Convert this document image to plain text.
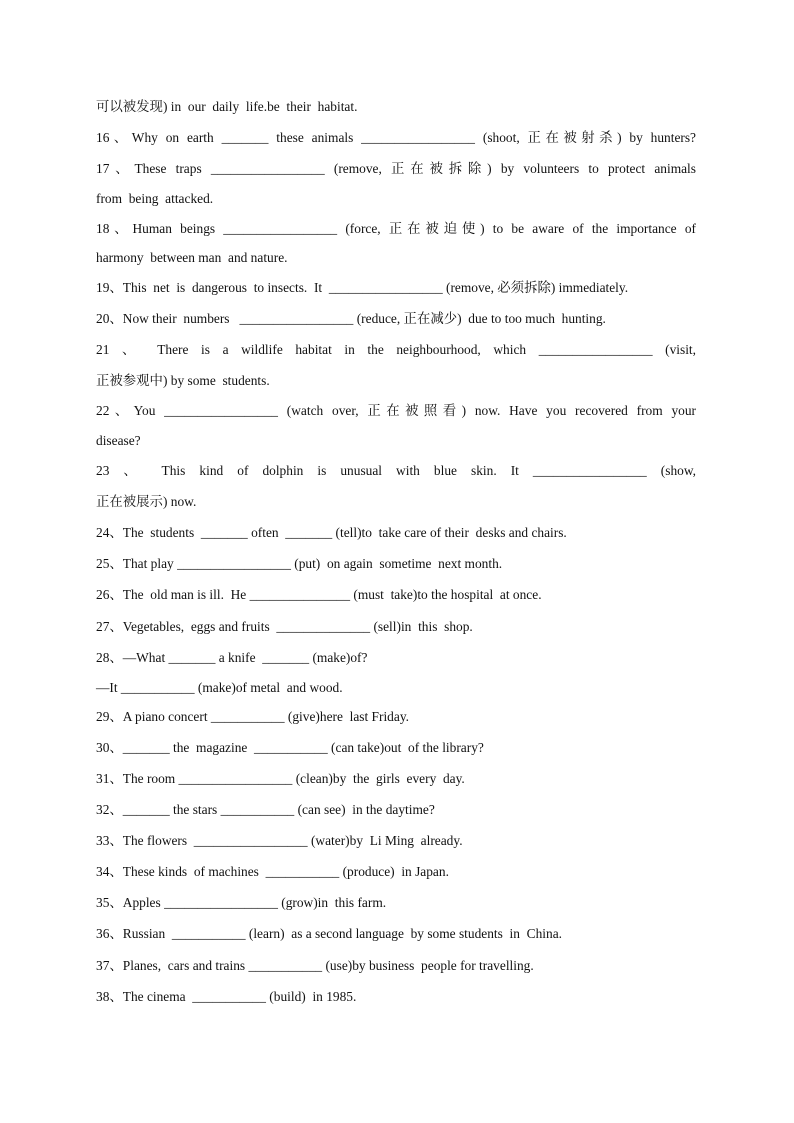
可以被发现) in  our  daily  life.be  their  habitat.

16、Why on earth _______ these animals _________________ (shoot, 正在被射杀) by hunters?

17、These traps _________________ (remove, 正在被拆除) by volunteers to protect animals

from  being  attacked.

18、Human beings _________________ (force, 正在被迫使) to be aware of the importance of

harmony  between man  and nature.

19、This  net  is  dangerous  to insects.  It  _________________ (remove, 必须拆除) immediately.

20、Now their  numbers   _________________ (reduce, 正在减少)  due to too much  hunting.

21 、 There is a wildlife habitat in the neighbourhood, which _________________ (visit,

正被参观中) by some  students.

22、You _________________ (watch over, 正在被照看) now. Have you recovered from your

disease?

23 、 This kind of dolphin is unusual with blue skin. It _________________ (show,

正在被展示) now.

24、The  students  _______ often  _______ (tell)to  take care of their  desks and chairs.

25、That play _________________ (put)  on again  sometime  next month.

26、The  old man is ill.  He _______________ (must  take)to the hospital  at once.

27、Vegetables,  eggs and fruits  ______________ (sell)in  this  shop.

28、—What _______ a knife  _______ (make)of?

—It ___________ (make)of metal  and wood.

29、A piano concert ___________ (give)here  last Friday.

30、_______ the  magazine  ___________ (can take)out  of the library?

31、The room _________________ (clean)by  the  girls  every  day.

32、_______ the stars ___________ (can see)  in the daytime?

33、The flowers  _________________ (water)by  Li Ming  already.

34、These kinds  of machines  ___________ (produce)  in Japan.

35、Apples _________________ (grow)in  this farm.

36、Russian  ___________ (learn)  as a second language  by some students  in  China.

37、Planes,  cars and trains ___________ (use)by business  people for travelling.

38、The cinema  ___________ (build)  in 1985.
